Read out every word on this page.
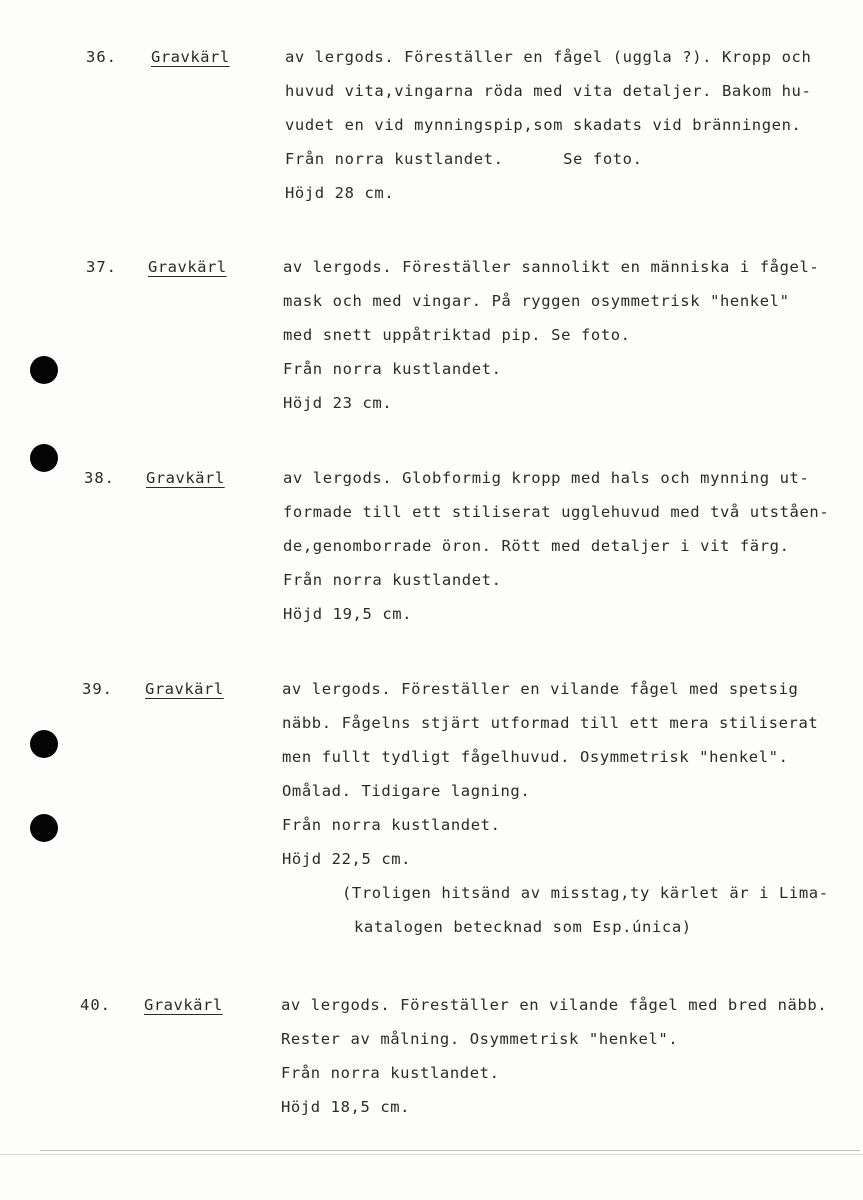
36. Gravkärl	av lergods. Föreställer en fågel (uggla ?). Kropp och
huvud vita,vingarna röda med vita detaljer. Bakom hu-
vudet en vid mynningspip,som skadats vid bränningen.
Från norra kustlandet.      Se foto.
Höjd 28 cm.
37. Gravkärl	av lergods. Föreställer sannolikt en människa i fågel-
mask och med vingar. På ryggen osymmetrisk "henkel"
med snett uppåtriktad pip. Se foto.
Från norra kustlandet.
Höjd 23 cm.
38. Gravkärl	av lergods. Globformig kropp med hals och mynning ut-
formade till ett stiliserat ugglehuvud med två utståen-
de,genomborrade öron. Rött med detaljer i vit färg.
Från norra kustlandet.
Höjd 19,5 cm.
39. Gravkärl	av lergods. Föreställer en vilande fågel med spetsig
näbb. Fågelns stjärt utformad till ett mera stiliserat
men fullt tydligt fågelhuvud. Osymmetrisk "henkel".
Omålad. Tidigare lagning.
Från norra kustlandet.
Höjd 22,5 cm.
(Troligen hitsänd av misstag,ty kärlet är i Lima-
katalogen betecknad som Esp.única)
40. Gravkärl	av lergods. Föreställer en vilande fågel med bred näbb.
Rester av målning. Osymmetrisk "henkel".
Från norra kustlandet.
Höjd 18,5 cm.
